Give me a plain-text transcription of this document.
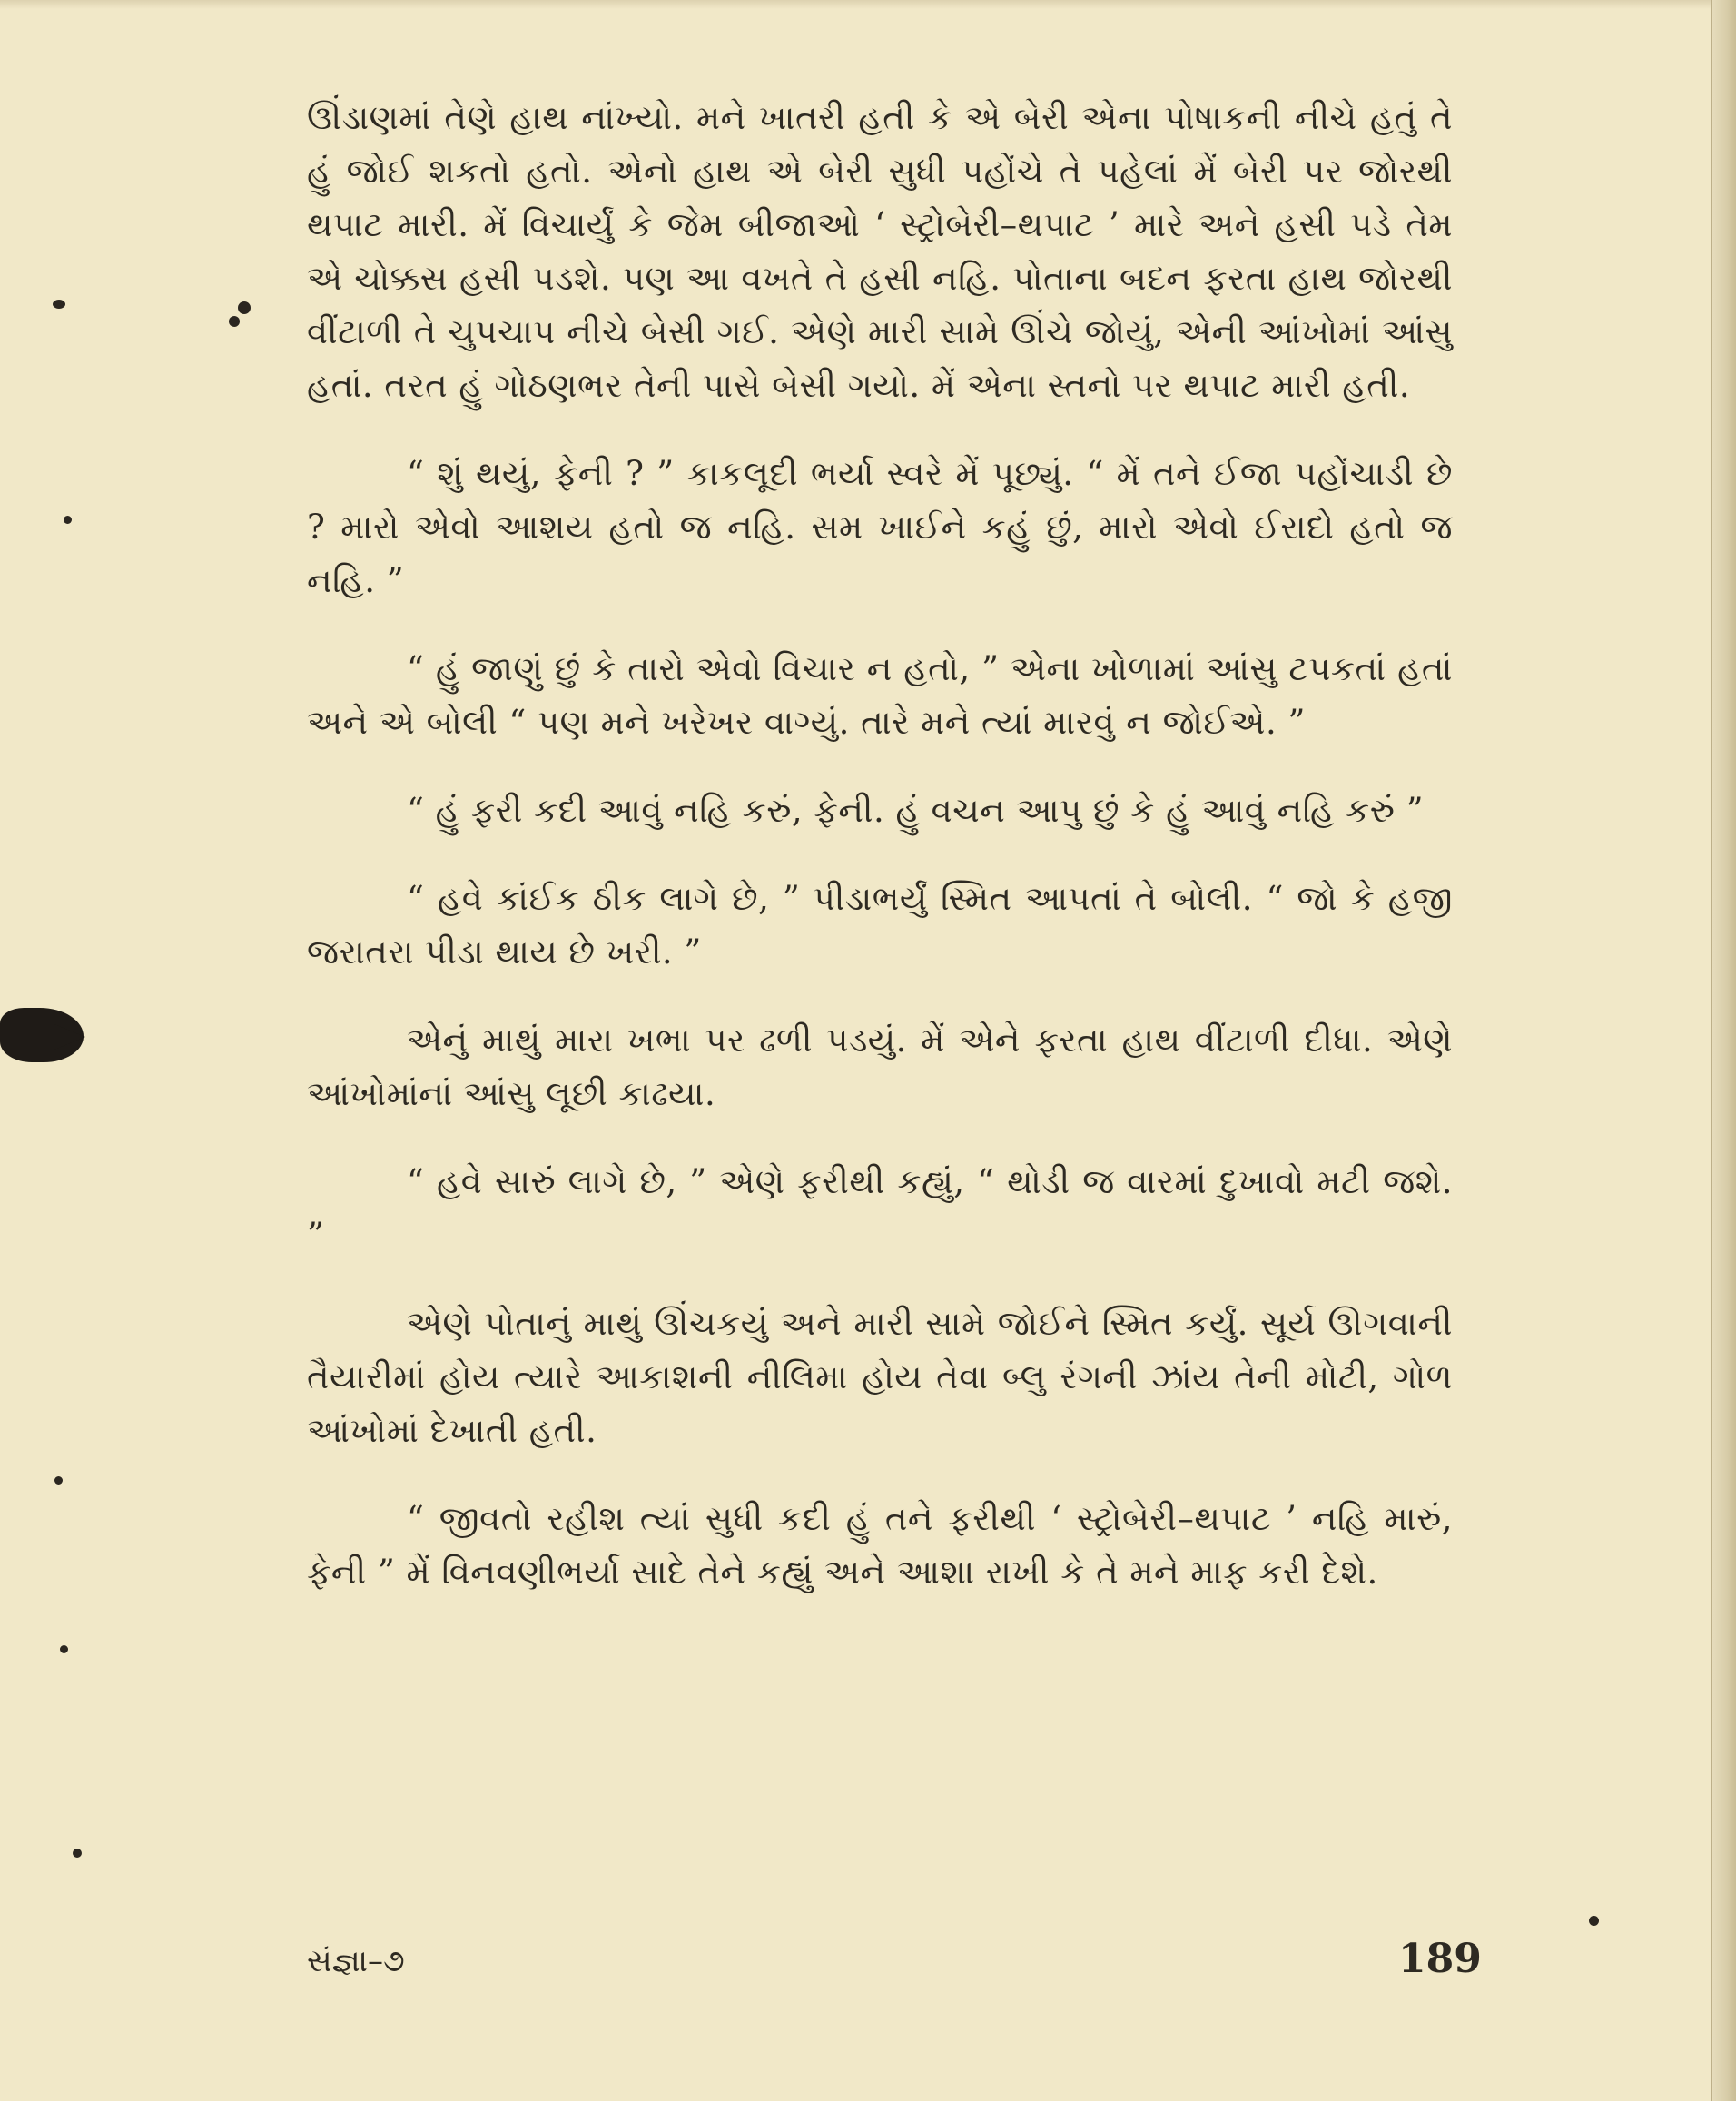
ઊંડાણમાં તેણે હાથ નાંખ્યો. મને ખાતરી હતી કે એ બેરી એના પોષાકની નીચે હતું તે હું જોઈ શકતો હતો. એનો હાથ એ બેરી સુધી પહોંચે તે પહેલાં મેં બેરી પર જોરથી થપાટ મારી. મેં વિચાર્યું કે જેમ બીજાઓ ‘ સ્ટ્રોબેરી–થપાટ ’ મારે અને હસી પડે તેમ એ ચોક્કસ હસી પડશે. પણ આ વખતે તે હસી નહિ. પોતાના બદન ફરતા હાથ જોરથી વીંટાળી તે ચુપચાપ નીચે બેસી ગઈ. એણે મારી સામે ઊંચે જોયું, એની આંખોમાં આંસુ હતાં. તરત હું ગોઠણભર તેની પાસે બેસી ગયો. મેં એના સ્તનો પર થપાટ મારી હતી.

“ શું થયું, ફેની ? ” કાકલૂદી ભર્યા સ્વરે મેં પૂછ્યું. “ મેં તને ઈજા પહોંચાડી છે ? મારો એવો આશય હતો જ નહિ. સમ ખાઈને કહું છું, મારો એવો ઈરાદો હતો જ નહિ. ”

“ હું જાણું છું કે તારો એવો વિચાર ન હતો, ” એના ખોળામાં આંસુ ટપકતાં હતાં અને એ બોલી “ પણ મને ખરેખર વાગ્યું. તારે મને ત્યાં મારવું ન જોઈએ. ”

“ હું ફરી કદી આવું નહિ કરું, ફેની. હું વચન આપુ છું કે હું આવું નહિ કરું ”

“ હવે કાંઈક ઠીક લાગે છે, ” પીડાભર્યું સ્મિત આપતાં તે બોલી. “ જો કે હજી જરાતરા પીડા થાય છે ખરી. ”

એનું માથું મારા ખભા પર ઢળી પડયું. મેં એને ફરતા હાથ વીંટાળી દીધા. એણે આંખોમાંનાં આંસુ લૂછી કાઢયા.

“ હવે સારું લાગે છે, ” એણે ફરીથી કહ્યું, “ થોડી જ વારમાં દુખાવો મટી જશે. ”

એણે પોતાનું માથું ઊંચકયું અને મારી સામે જોઈને સ્મિત કર્યું. સૂર્ય ઊગવાની તૈયારીમાં હોય ત્યારે આકાશની નીલિમા હોય તેવા બ્લુ રંગની ઝાંય તેની મોટી, ગોળ આંખોમાં દેખાતી હતી.

“ જીવતો રહીશ ત્યાં સુધી કદી હું તને ફરીથી ‘ સ્ટ્રોબેરી–થપાટ ’ નહિ મારું, ફેની ” મેં વિનવણીભર્યા સાદે તેને કહ્યું અને આશા રાખી કે તે મને માફ કરી દેશે.

સંજ્ઞા–૭	189
